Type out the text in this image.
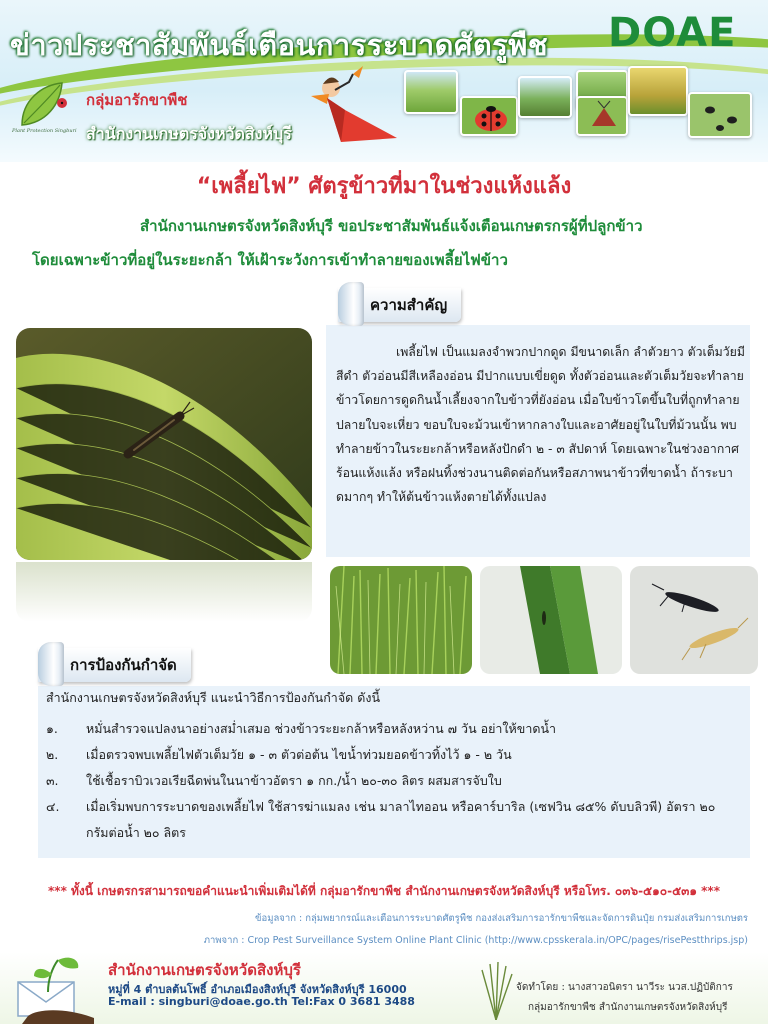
ข่าวประชาสัมพันธ์เตือนการระบาดศัตรูพืช DOAE
Plant Protection Singburi
กลุ่มอารักขาพืช
สำนักงานเกษตรจังหวัดสิงห์บุรี
“เพลี้ยไฟ” ศัตรูข้าวที่มาในช่วงแห้งแล้ง
สำนักงานเกษตรจังหวัดสิงห์บุรี ขอประชาสัมพันธ์แจ้งเตือนเกษตรกรผู้ที่ปลูกข้าว
โดยเฉพาะข้าวที่อยู่ในระยะกล้า ให้เฝ้าระวังการเข้าทำลายของเพลี้ยไฟข้าว
ความสำคัญ

เพลี้ยไฟ เป็นแมลงจำพวกปากดูด มีขนาดเล็ก ลำตัวยาว ตัวเต็มวัยมีสีดำ ตัวอ่อนมีสีเหลืองอ่อน มีปากแบบเขี่ยดูด ทั้งตัวอ่อนและตัวเต็มวัยจะทำลายข้าวโดยการดูดกินน้ำเลี้ยงจากใบข้าวที่ยังอ่อน เมื่อใบข้าวโตขึ้นใบที่ถูกทำลายปลายใบจะเหี่ยว ขอบใบจะม้วนเข้าหากลางใบและอาศัยอยู่ในใบที่ม้วนนั้น พบทำลายข้าวในระยะกล้าหรือหลังปักดำ ๒ - ๓ สัปดาห์ โดยเฉพาะในช่วงอากาศร้อนแห้งแล้ง หรือฝนทิ้งช่วงนานติดต่อกันหรือสภาพนาข้าวที่ขาดน้ำ ถ้าระบาดมากๆ ทำให้ต้นข้าวแห้งตายได้ทั้งแปลง

การป้องกันกำจัด
สำนักงานเกษตรจังหวัดสิงห์บุรี แนะนำวิธีการป้องกันกำจัด ดังนี้
๑.	หมั่นสำรวจแปลงนาอย่างสม่ำเสมอ ช่วงข้าวระยะกล้าหรือหลังหว่าน ๗ วัน อย่าให้ขาดน้ำ
๒.	เมื่อตรวจพบเพลี้ยไฟตัวเต็มวัย ๑ - ๓ ตัวต่อต้น ไขน้ำท่วมยอดข้าวทิ้งไว้ ๑ - ๒ วัน
๓.	ใช้เชื้อราบิวเวอเรียฉีดพ่นในนาข้าวอัตรา ๑ กก./น้ำ ๒๐-๓๐ ลิตร ผสมสารจับใบ
๔.	เมื่อเริ่มพบการระบาดของเพลี้ยไฟ ใช้สารฆ่าแมลง เช่น มาลาไทออน หรือคาร์บาริล (เซฟวิน ๘๕% ดับบลิวพี) อัตรา ๒๐ กรัมต่อน้ำ ๒๐ ลิตร
*** ทั้งนี้ เกษตรกรสามารถขอคำแนะนำเพิ่มเติมได้ที่ กลุ่มอารักขาพืช สำนักงานเกษตรจังหวัดสิงห์บุรี หรือโทร. ๐๓๖-๕๑๐-๕๓๑ ***
ข้อมูลจาก : กลุ่มพยากรณ์และเตือนการระบาดศัตรูพืช กองส่งเสริมการอารักขาพืชและจัดการดินปุ๋ย กรมส่งเสริมการเกษตร
ภาพจาก : Crop Pest Surveillance System Online Plant Clinic (http://www.cpsskerala.in/OPC/pages/risePestthrips.jsp)
สำนักงานเกษตรจังหวัดสิงห์บุรี
หมู่ที่ 4 ตำบลต้นโพธิ์ อำเภอเมืองสิงห์บุรี จังหวัดสิงห์บุรี 16000
E-mail : singburi@doae.go.th Tel:Fax 0 3681 3488
จัดทำโดย : นางสาวอนิตรา นาวีระ นวส.ปฏิบัติการ
กลุ่มอารักขาพืช สำนักงานเกษตรจังหวัดสิงห์บุรี
